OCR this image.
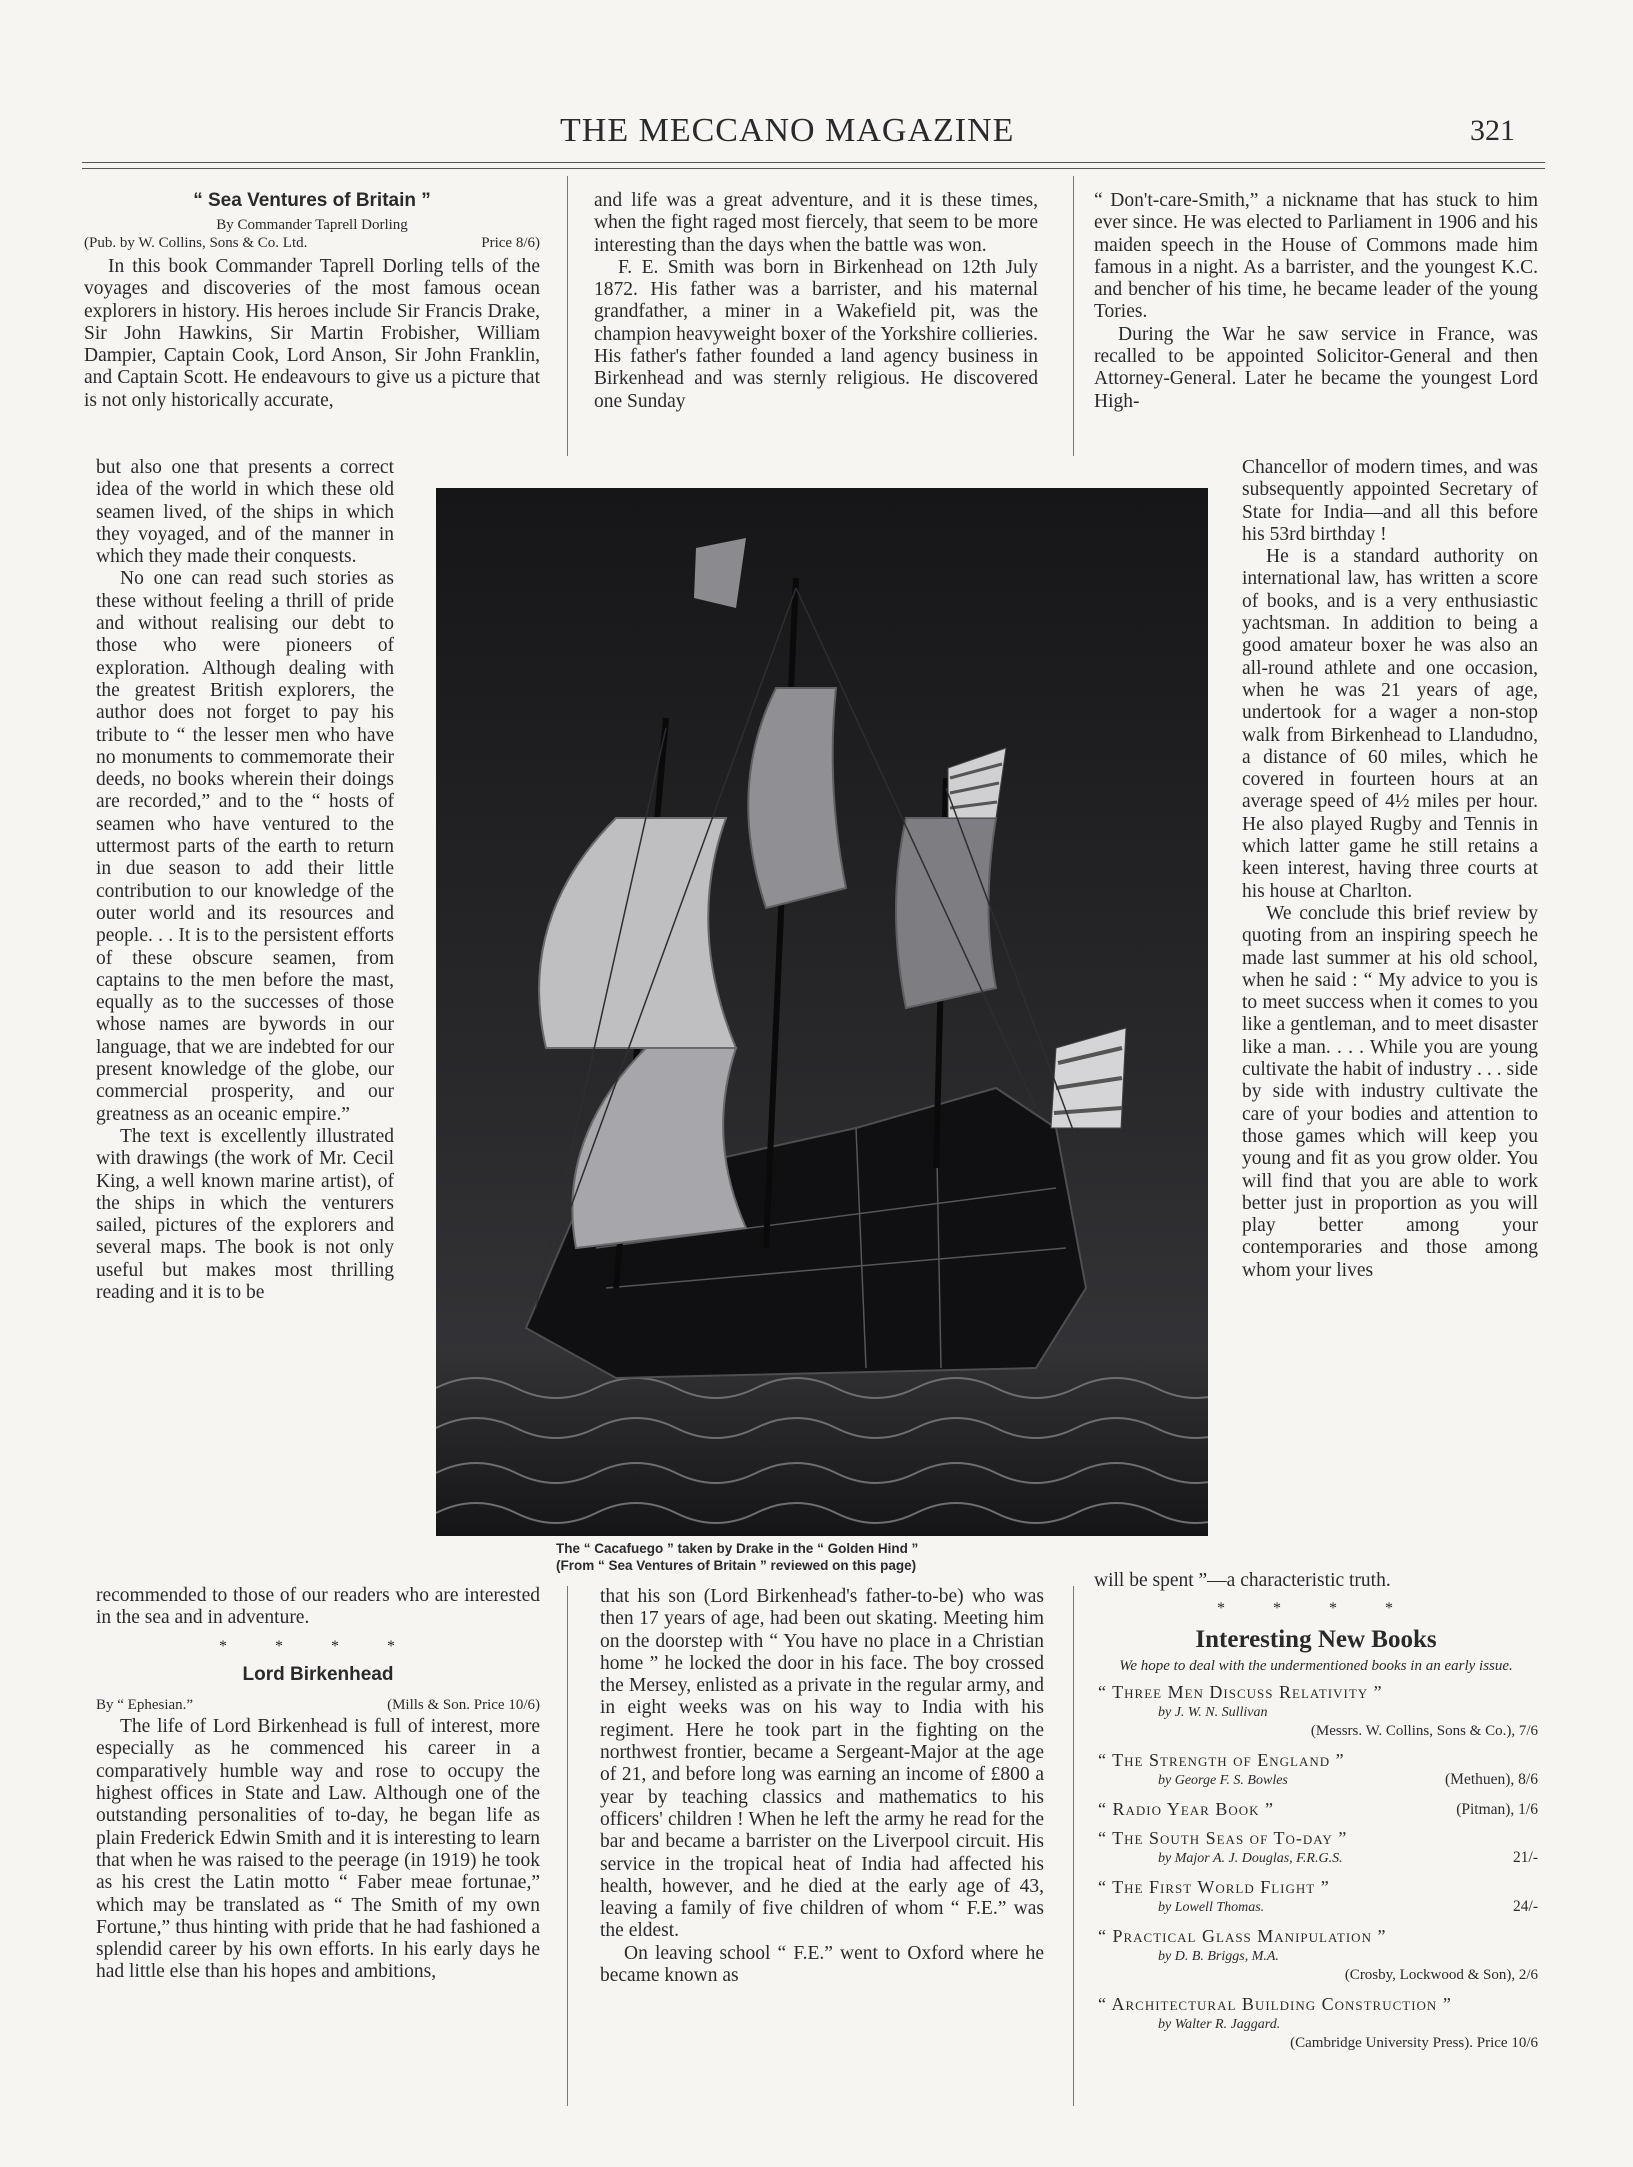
THE MECCANO MAGAZINE	321
“ Sea Ventures of Britain ”
By Commander Taprell Dorling
(Pub. by W. Collins, Sons & Co. Ltd.	Price 8/6)

In this book Commander Taprell Dorling tells of the voyages and discoveries of the most famous ocean explorers in history. His heroes include Sir Francis Drake, Sir John Hawkins, Sir Martin Frobisher, William Dampier, Captain Cook, Lord Anson, Sir John Franklin, and Captain Scott. He endeavours to give us a picture that is not only historically accurate,

but also one that presents a correct idea of the world in which these old seamen lived, of the ships in which they voyaged, and of the manner in which they made their conquests.

No one can read such stories as these without feeling a thrill of pride and without realising our debt to those who were pioneers of exploration. Although dealing with the greatest British explorers, the author does not forget to pay his tribute to “ the lesser men who have no monuments to commemorate their deeds, no books wherein their doings are recorded,” and to the “ hosts of seamen who have ventured to the uttermost parts of the earth to return in due season to add their little contribution to our knowledge of the outer world and its resources and people. . . It is to the persistent efforts of these obscure seamen, from captains to the men before the mast, equally as to the successes of those whose names are bywords in our language, that we are indebted for our present knowledge of the globe, our commercial prosperity, and our greatness as an oceanic empire.”

The text is excellently illustrated with drawings (the work of Mr. Cecil King, a well known marine artist), of the ships in which the venturers sailed, pictures of the explorers and several maps. The book is not only useful but makes most thrilling reading and it is to be

recommended to those of our readers who are interested in the sea and in adventure.

* * * *
Lord Birkenhead
By “ Ephesian.”	(Mills & Son. Price 10/6)

The life of Lord Birkenhead is full of interest, more especially as he commenced his career in a comparatively humble way and rose to occupy the highest offices in State and Law. Although one of the outstanding personalities of to-day, he began life as plain Frederick Edwin Smith and it is interesting to learn that when he was raised to the peerage (in 1919) he took as his crest the Latin motto “ Faber meae fortunae,” which may be translated as “ The Smith of my own Fortune,” thus hinting with pride that he had fashioned a splendid career by his own efforts. In his early days he had little else than his hopes and ambitions,

and life was a great adventure, and it is these times, when the fight raged most fiercely, that seem to be more interesting than the days when the battle was won.

F. E. Smith was born in Birkenhead on 12th July 1872. His father was a barrister, and his maternal grandfather, a miner in a Wakefield pit, was the champion heavyweight boxer of the Yorkshire collieries. His father's father founded a land agency business in Birkenhead and was sternly religious. He discovered one Sunday

“ Don't-care-Smith,” a nickname that has stuck to him ever since. He was elected to Parliament in 1906 and his maiden speech in the House of Commons made him famous in a night. As a barrister, and the youngest K.C. and bencher of his time, he became leader of the young Tories.

During the War he saw service in France, was recalled to be appointed Solicitor-General and then Attorney-General. Later he became the youngest Lord High-

Chancellor of modern times, and was subsequently appointed Secretary of State for India—and all this before his 53rd birthday !

He is a standard authority on international law, has written a score of books, and is a very enthusiastic yachtsman. In addition to being a good amateur boxer he was also an all-round athlete and one occasion, when he was 21 years of age, undertook for a wager a non-stop walk from Birkenhead to Llandudno, a distance of 60 miles, which he covered in fourteen hours at an average speed of 4½ miles per hour. He also played Rugby and Tennis in which latter game he still retains a keen interest, having three courts at his house at Charlton.

We conclude this brief review by quoting from an inspiring speech he made last summer at his old school, when he said : “ My advice to you is to meet success when it comes to you like a gentleman, and to meet disaster like a man. . . . While you are young cultivate the habit of industry . . . side by side with industry cultivate the care of your bodies and attention to those games which will keep you young and fit as you grow older. You will find that you are able to work better just in proportion as you will play better among your contemporaries and those among whom your lives

will be spent ”—a characteristic truth.

* * * *
Interesting New Books
We hope to deal with the undermentioned books in an early issue.
“ Three Men Discuss Relativity ”
by J. W. N. Sullivan
(Messrs. W. Collins, Sons & Co.), 7/6
“ The Strength of England ”
by George F. S. Bowles	(Methuen), 8/6
“ Radio Year Book ”	(Pitman), 1/6
“ The South Seas of To-day ”
by Major A. J. Douglas, F.R.G.S.	21/-
“ The First World Flight ”
by Lowell Thomas.	24/-
“ Practical Glass Manipulation ”
by D. B. Briggs, M.A.
(Crosby, Lockwood & Son), 2/6
“ Architectural Building Construction ”
by Walter R. Jaggard.
(Cambridge University Press). Price 10/6

that his son (Lord Birkenhead's father-to-be) who was then 17 years of age, had been out skating. Meeting him on the doorstep with “ You have no place in a Christian home ” he locked the door in his face. The boy crossed the Mersey, enlisted as a private in the regular army, and in eight weeks was on his way to India with his regiment. Here he took part in the fighting on the northwest frontier, became a Sergeant-Major at the age of 21, and before long was earning an income of £800 a year by teaching classics and mathematics to his officers' children ! When he left the army he read for the bar and became a barrister on the Liverpool circuit. His service in the tropical heat of India had affected his health, however, and he died at the early age of 43, leaving a family of five children of whom “ F.E.” was the eldest.

On leaving school “ F.E.” went to Oxford where he became known as

The “ Cacafuego ” taken by Drake in the “ Golden Hind ”
(From “ Sea Ventures of Britain ” reviewed on this page)
